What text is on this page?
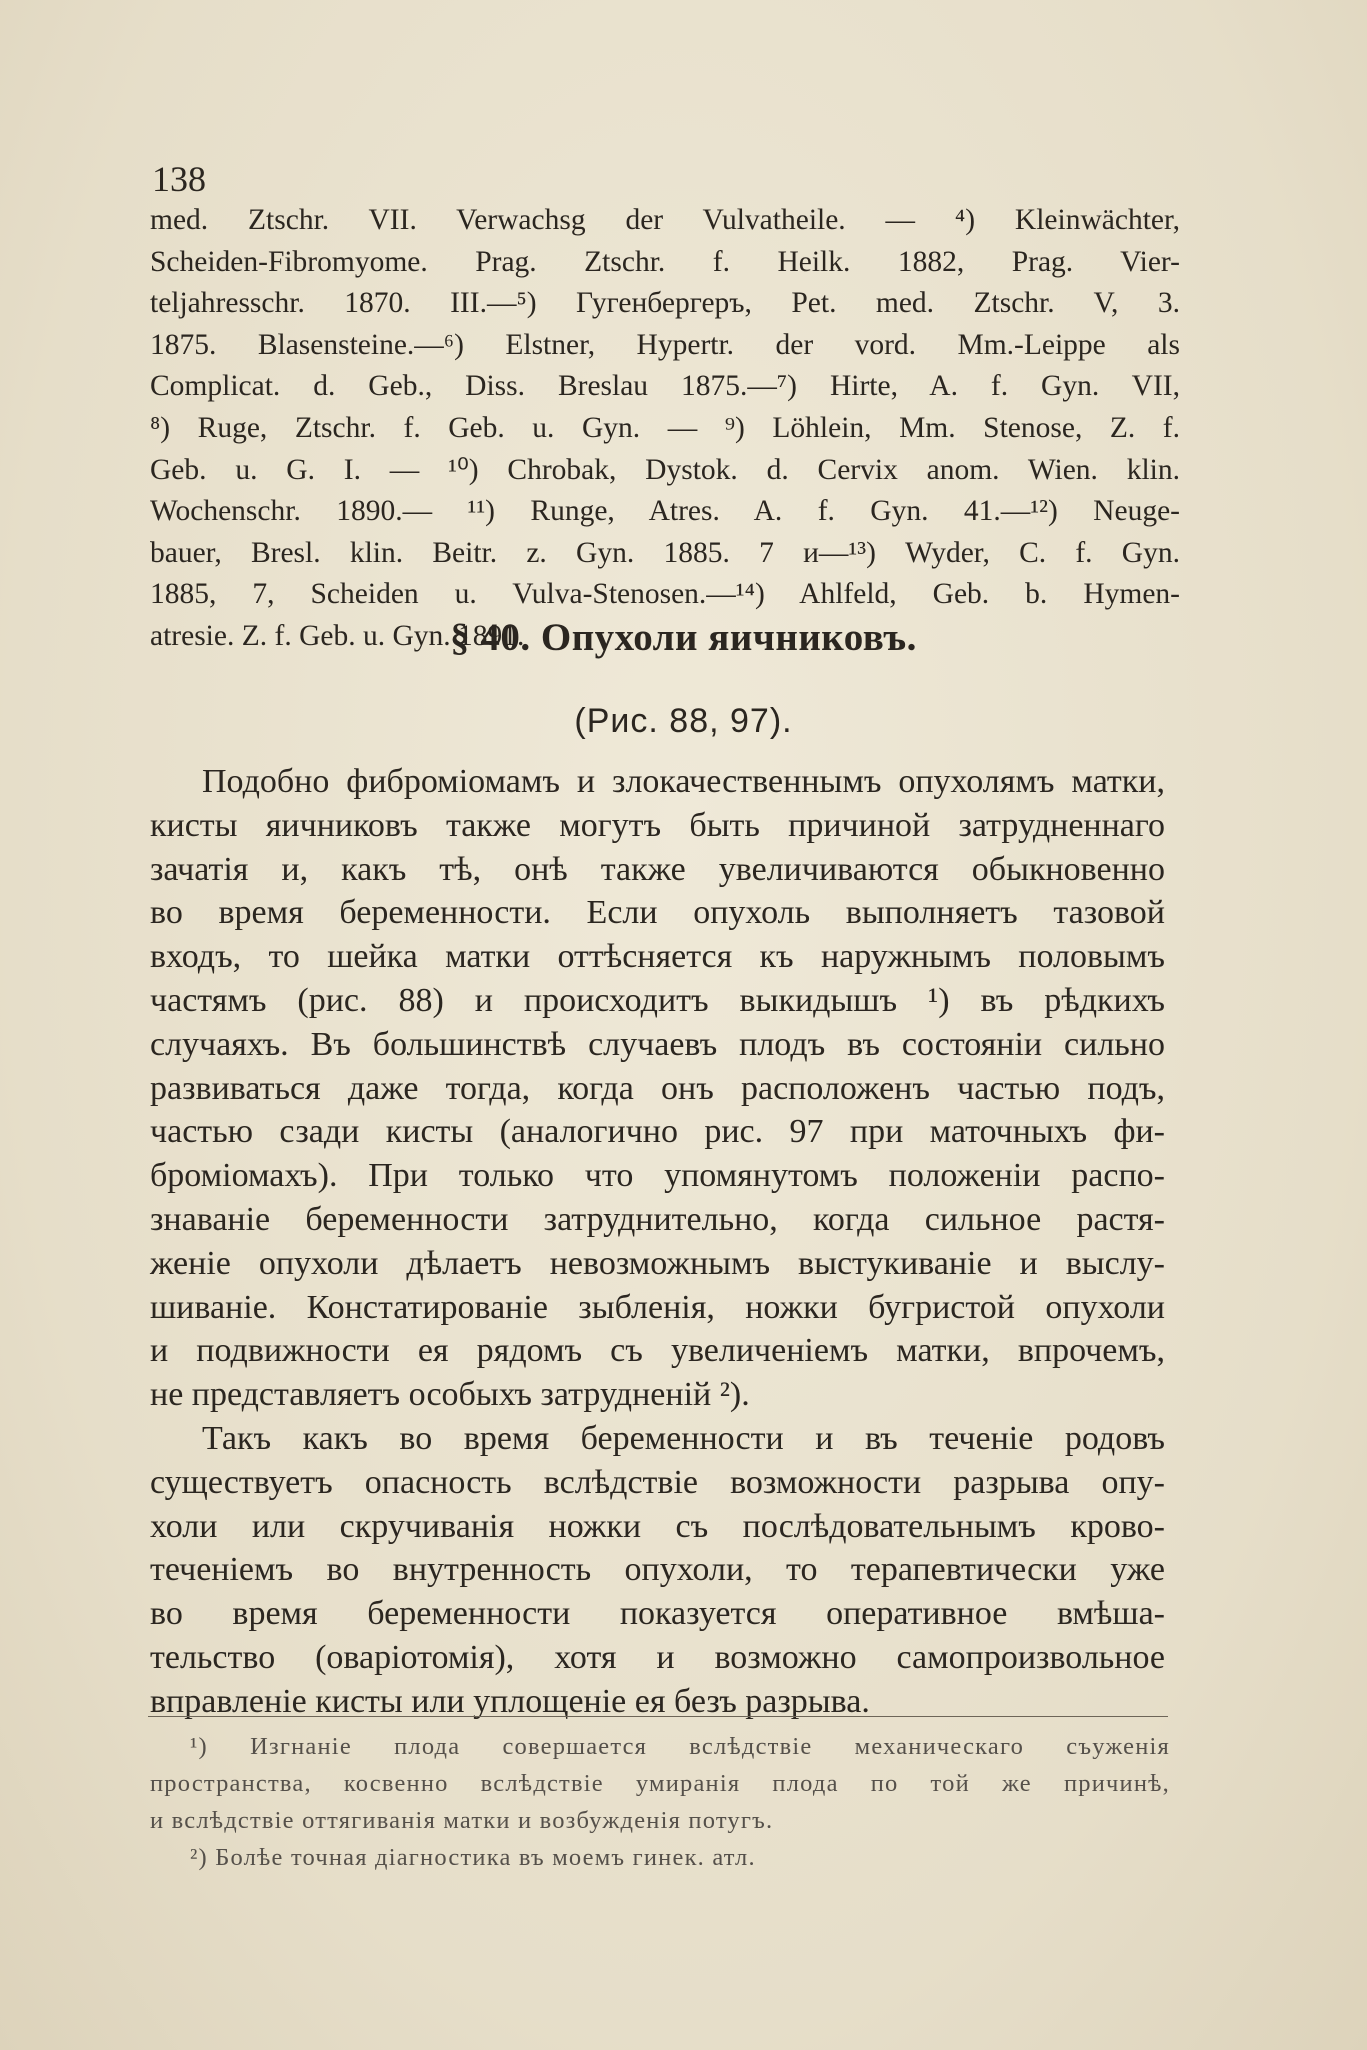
138
med. Ztschr. VII. Verwachsg der Vulvatheile. — ⁴) Kleinwächter,
Scheiden-Fibromyome. Prag. Ztschr. f. Heilk. 1882, Prag. Vier-
teljahresschr. 1870. III.—⁵) Гугенбергеръ, Pet. med. Ztschr. V, 3.
1875. Blasensteine.—⁶) Elstner, Hypertr. der vord. Mm.-Leippe als
Complicat. d. Geb., Diss. Breslau 1875.—⁷) Hirte, A. f. Gyn. VII,
⁸) Ruge, Ztschr. f. Geb. u. Gyn. — ⁹) Löhlein, Mm. Stenose, Z. f.
Geb. u. G. I. — ¹⁰) Chrobak, Dystok. d. Cervix anom. Wien. klin.
Wochenschr. 1890.— ¹¹) Runge, Atres. A. f. Gyn. 41.—¹²) Neuge-
bauer, Bresl. klin. Beitr. z. Gyn. 1885. 7 и—¹³) Wyder, C. f. Gyn.
1885, 7, Scheiden u. Vulva-Stenosen.—¹⁴) Ahlfeld, Geb. b. Hymen-
atresie. Z. f. Geb. u. Gyn. 1891.
§ 40. Опухоли яичниковъ.
(Рис. 88, 97).
Подобно фиброміомамъ и злокачественнымъ опухолямъ матки,
кисты яичниковъ также могутъ быть причиной затрудненнаго
зачатія и, какъ тѣ, онѣ также увеличиваются обыкновенно
во время беременности. Если опухоль выполняетъ тазовой
входъ, то шейка матки оттѣсняется къ наружнымъ половымъ
частямъ (рис. 88) и происходитъ выкидышъ ¹) въ рѣдкихъ
случаяхъ. Въ большинствѣ случаевъ плодъ въ состояніи сильно
развиваться даже тогда, когда онъ расположенъ частью подъ,
частью сзади кисты (аналогично рис. 97 при маточныхъ фи-
броміомахъ). При только что упомянутомъ положеніи распо-
знаваніе беременности затруднительно, когда сильное растя-
женіе опухоли дѣлаетъ невозможнымъ выстукиваніе и выслу-
шиваніе. Констатированіе зыбленія, ножки бугристой опухоли
и подвижности ея рядомъ съ увеличеніемъ матки, впрочемъ,
не представляетъ особыхъ затрудненій ²).
Такъ какъ во время беременности и въ теченіе родовъ
существуетъ опасность вслѣдствіе возможности разрыва опу-
холи или скручиванія ножки съ послѣдовательнымъ крово-
теченіемъ во внутренность опухоли, то терапевтически уже
во время беременности показуется оперативное вмѣша-
тельство (оваріотомія), хотя и возможно самопроизвольное
вправленіе кисты или уплощеніе ея безъ разрыва.
¹) Изгнаніе плода совершается вслѣдствіе механическаго съуженія
пространства, косвенно вслѣдствіе умиранія плода по той же причинѣ,
и вслѣдствіе оттягиванія матки и возбужденія потугъ.
²) Болѣе точная діагностика въ моемъ гинек. атл.
